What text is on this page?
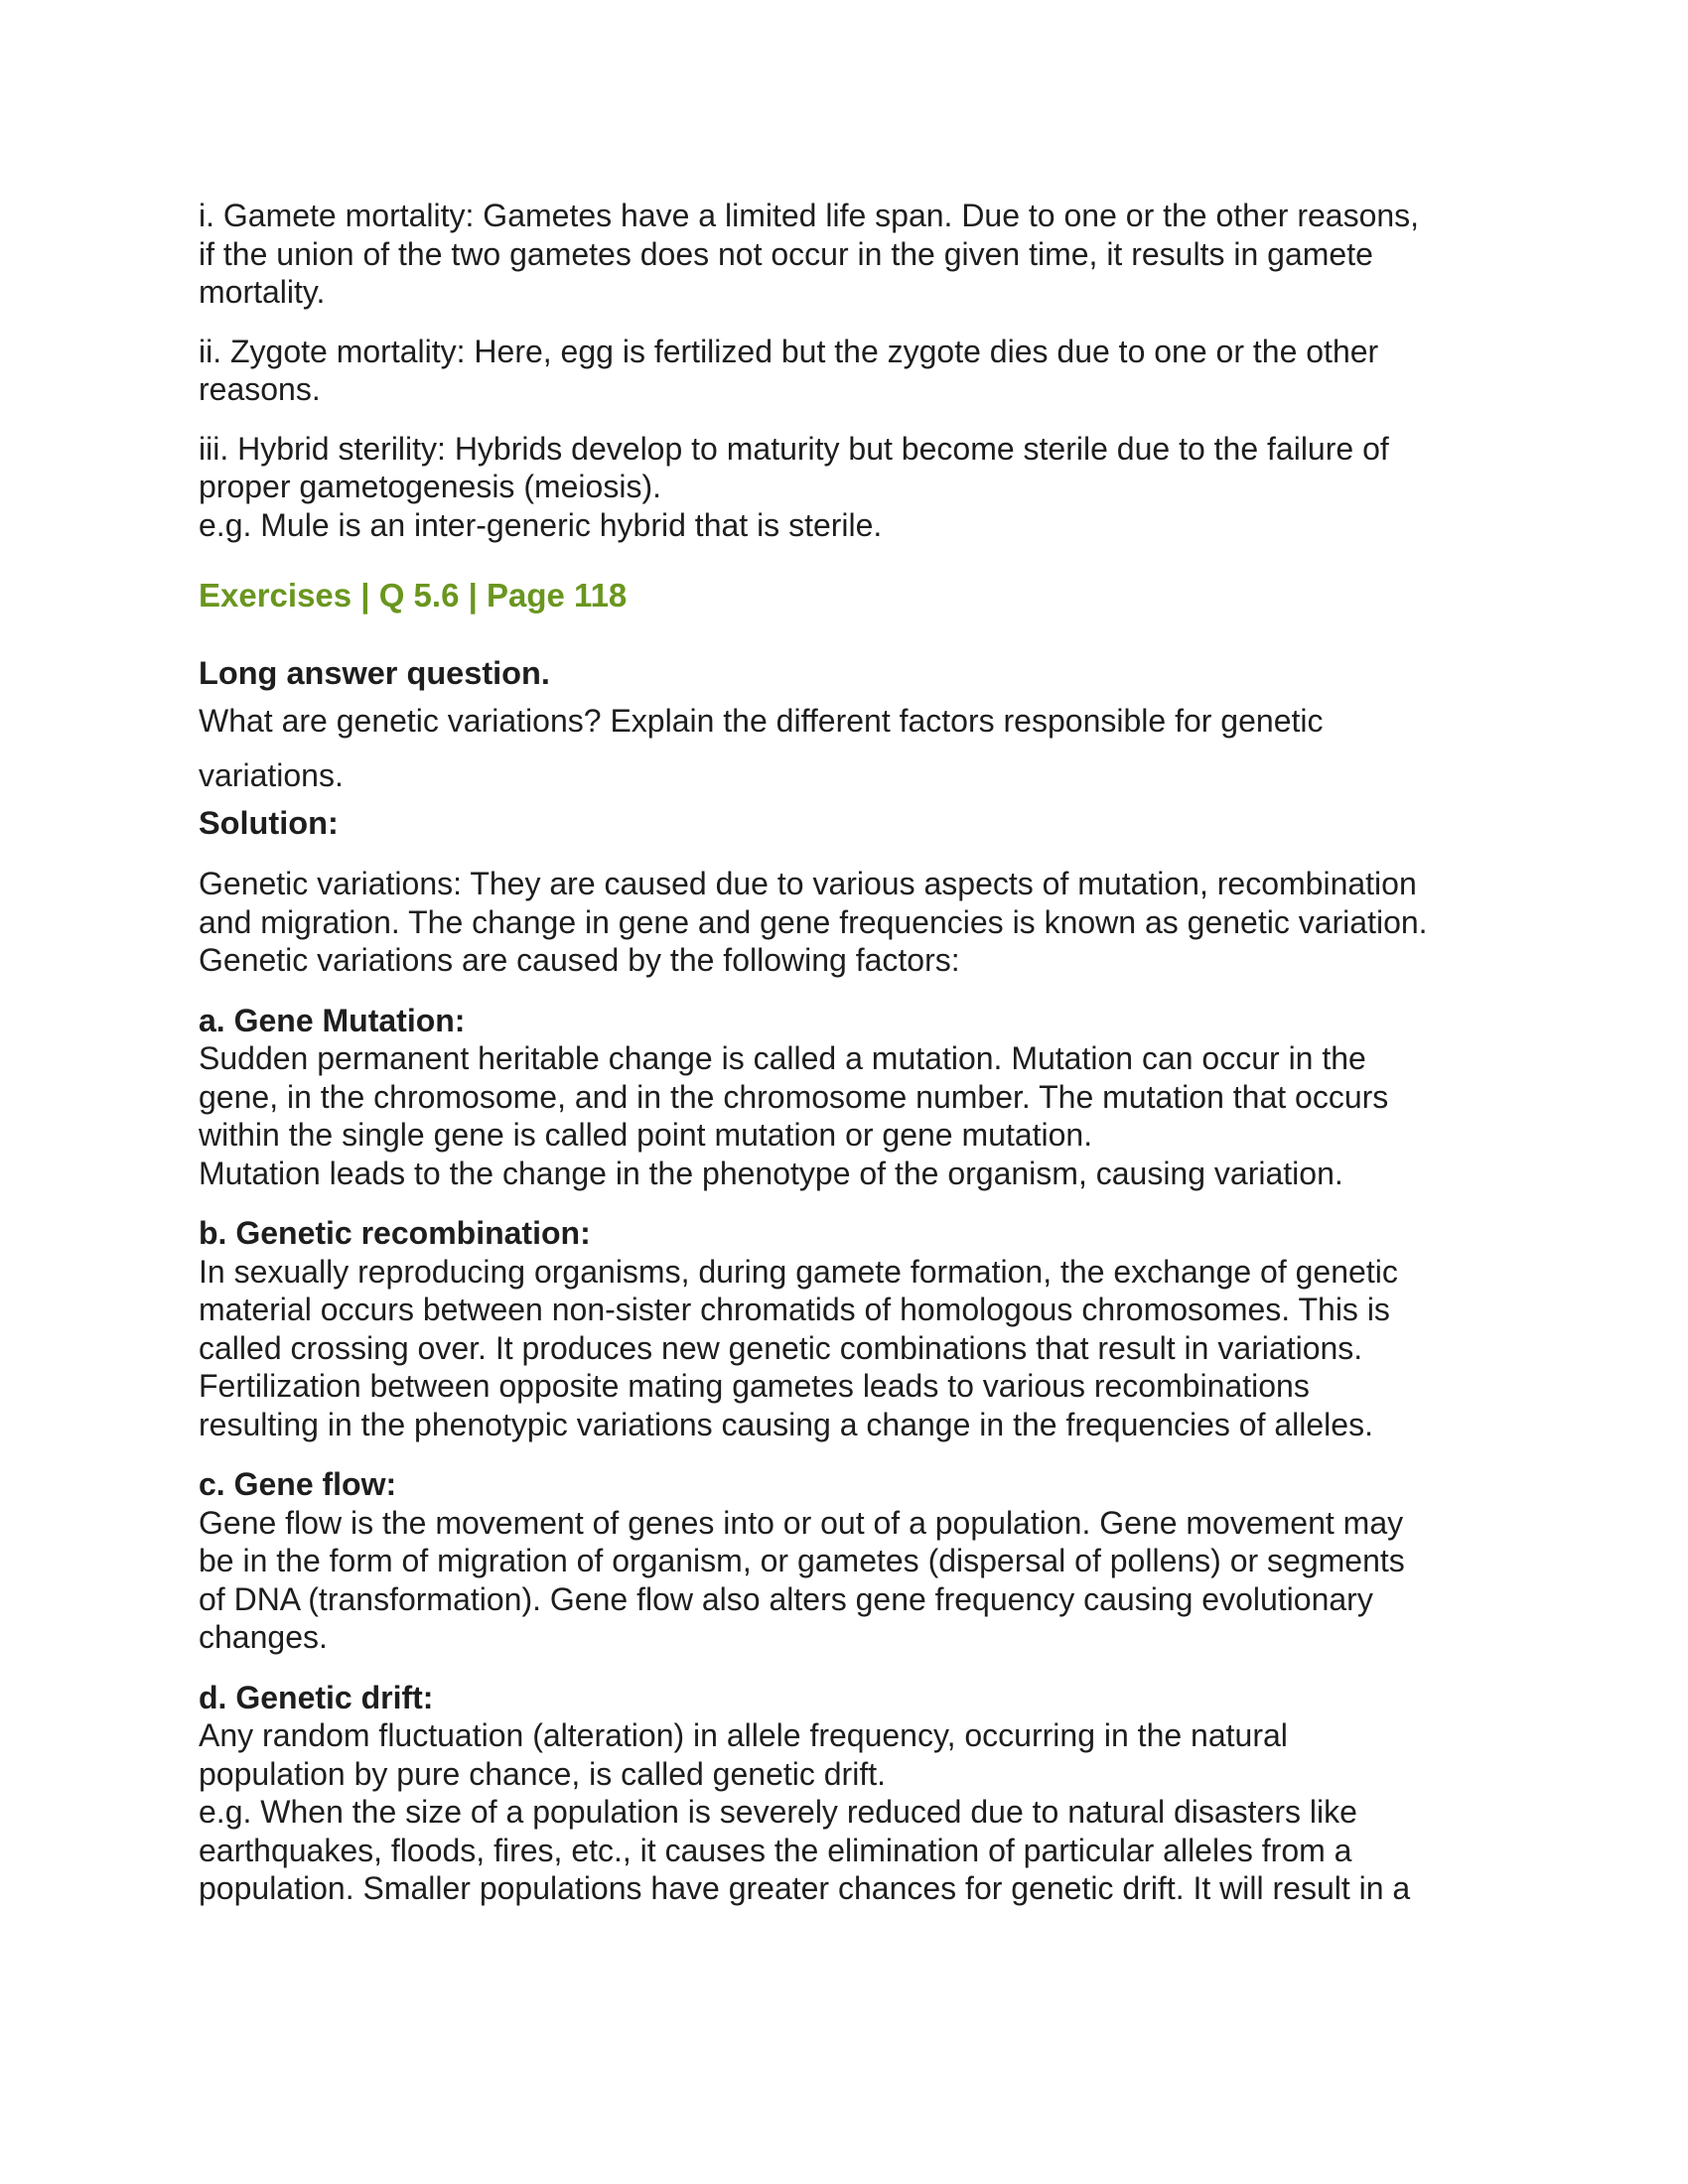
i. Gamete mortality: Gametes have a limited life span. Due to one or the other reasons,
if the union of the two gametes does not occur in the given time, it results in gamete
mortality.

ii. Zygote mortality: Here, egg is fertilized but the zygote dies due to one or the other
reasons.

iii. Hybrid sterility: Hybrids develop to maturity but become sterile due to the failure of
proper gametogenesis (meiosis).
e.g. Mule is an inter-generic hybrid that is sterile.

Exercises | Q 5.6 | Page 118

Long answer question.

What are genetic variations? Explain the different factors responsible for genetic
variations.

Solution:

Genetic variations: They are caused due to various aspects of mutation, recombination
and migration. The change in gene and gene frequencies is known as genetic variation.
Genetic variations are caused by the following factors:

a. Gene Mutation:

Sudden permanent heritable change is called a mutation. Mutation can occur in the
gene, in the chromosome, and in the chromosome number. The mutation that occurs
within the single gene is called point mutation or gene mutation.
Mutation leads to the change in the phenotype of the organism, causing variation.

b. Genetic recombination:

In sexually reproducing organisms, during gamete formation, the exchange of genetic
material occurs between non-sister chromatids of homologous chromosomes. This is
called crossing over. It produces new genetic combinations that result in variations.
Fertilization between opposite mating gametes leads to various recombinations
resulting in the phenotypic variations causing a change in the frequencies of alleles.

c. Gene flow:

Gene flow is the movement of genes into or out of a population. Gene movement may
be in the form of migration of organism, or gametes (dispersal of pollens) or segments
of DNA (transformation). Gene flow also alters gene frequency causing evolutionary
changes.

d. Genetic drift:

Any random fluctuation (alteration) in allele frequency, occurring in the natural
population by pure chance, is called genetic drift.
e.g. When the size of a population is severely reduced due to natural disasters like
earthquakes, floods, fires, etc., it causes the elimination of particular alleles from a
population. Smaller populations have greater chances for genetic drift. It will result in a
